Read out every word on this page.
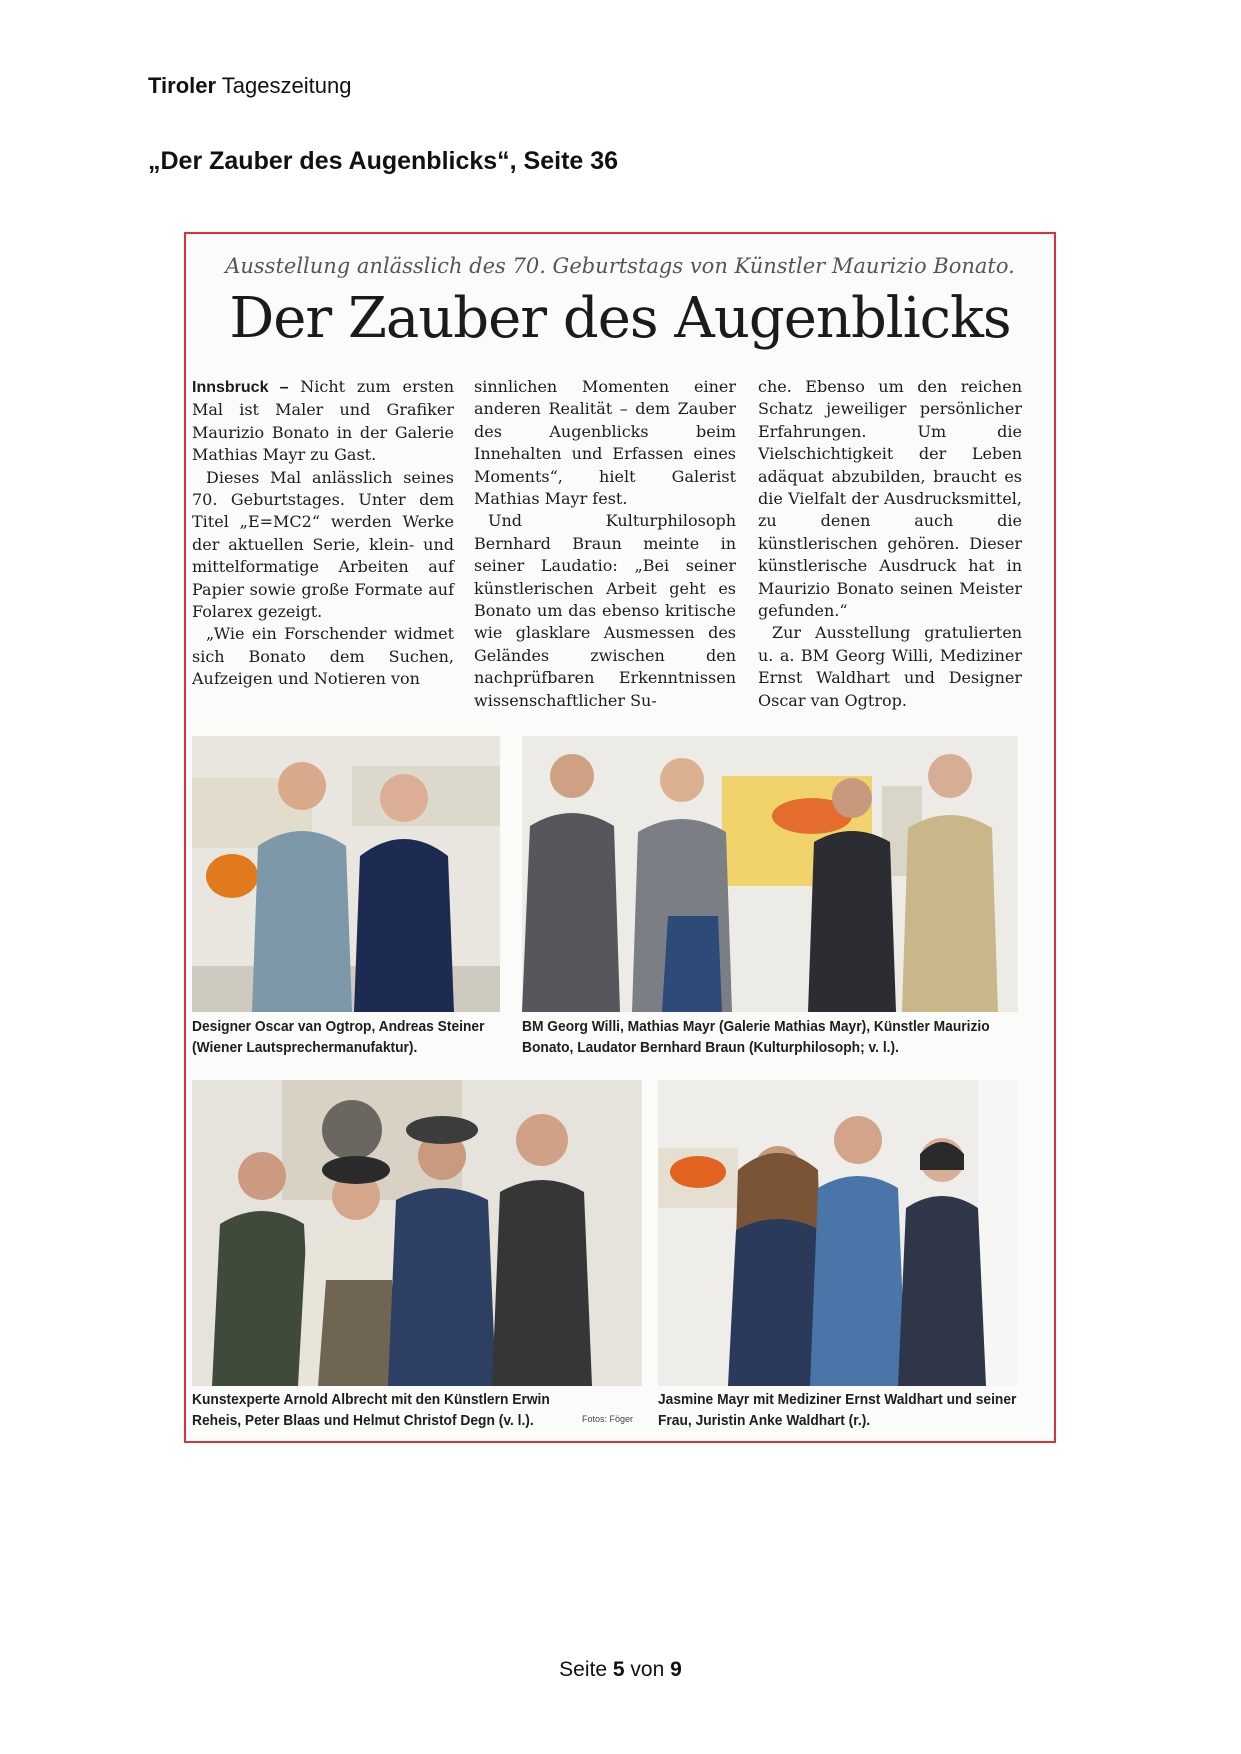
Tiroler Tageszeitung
„Der Zauber des Augenblicks“, Seite 36
Ausstellung anlässlich des 70. Geburtstags von Künstler Maurizio Bonato.
Der Zauber des Augenblicks

Innsbruck – Nicht zum ersten Mal ist Maler und Grafiker Maurizio Bonato in der Galerie Mathias Mayr zu Gast.

Dieses Mal anlässlich seines 70. Geburtstages. Unter dem Titel „E=MC2“ werden Werke der aktuellen Serie, klein- und mittelformatige Arbeiten auf Papier sowie große Formate auf Folarex gezeigt.

„Wie ein Forschender widmet sich Bonato dem Suchen, Aufzeigen und Notieren von

sinnlichen Momenten einer anderen Realität – dem Zauber des Augenblicks beim Innehalten und Erfassen eines Moments“, hielt Galerist Mathias Mayr fest.

Und Kulturphilosoph Bernhard Braun meinte in seiner Laudatio: „Bei seiner künstlerischen Arbeit geht es Bonato um das ebenso kritische wie glasklare Ausmessen des Geländes zwischen den nachprüfbaren Erkenntnissen wissenschaftlicher Su-

che. Ebenso um den reichen Schatz jeweiliger persönlicher Erfahrungen. Um die Vielschichtigkeit der Leben adäquat abzubilden, braucht es die Vielfalt der Ausdrucksmittel, zu denen auch die künstlerischen gehören. Dieser künstlerische Ausdruck hat in Maurizio Bonato seinen Meister gefunden.“

Zur Ausstellung gratulierten u. a. BM Georg Willi, Mediziner Ernst Waldhart und Designer Oscar van Ogtrop.

Designer Oscar van Ogtrop, Andreas Steiner (Wiener Lautsprechermanufaktur).
BM Georg Willi, Mathias Mayr (Galerie Mathias Mayr), Künstler Maurizio Bonato, Laudator Bernhard Braun (Kulturphilosoph; v. l.).
Kunstexperte Arnold Albrecht mit den Künstlern Erwin Reheis, Peter Blaas und Helmut Christof Degn (v. l.).
Jasmine Mayr mit Mediziner Ernst Waldhart und seiner Frau, Juristin Anke Waldhart (r.).
Fotos: Föger
Seite 5 von 9
